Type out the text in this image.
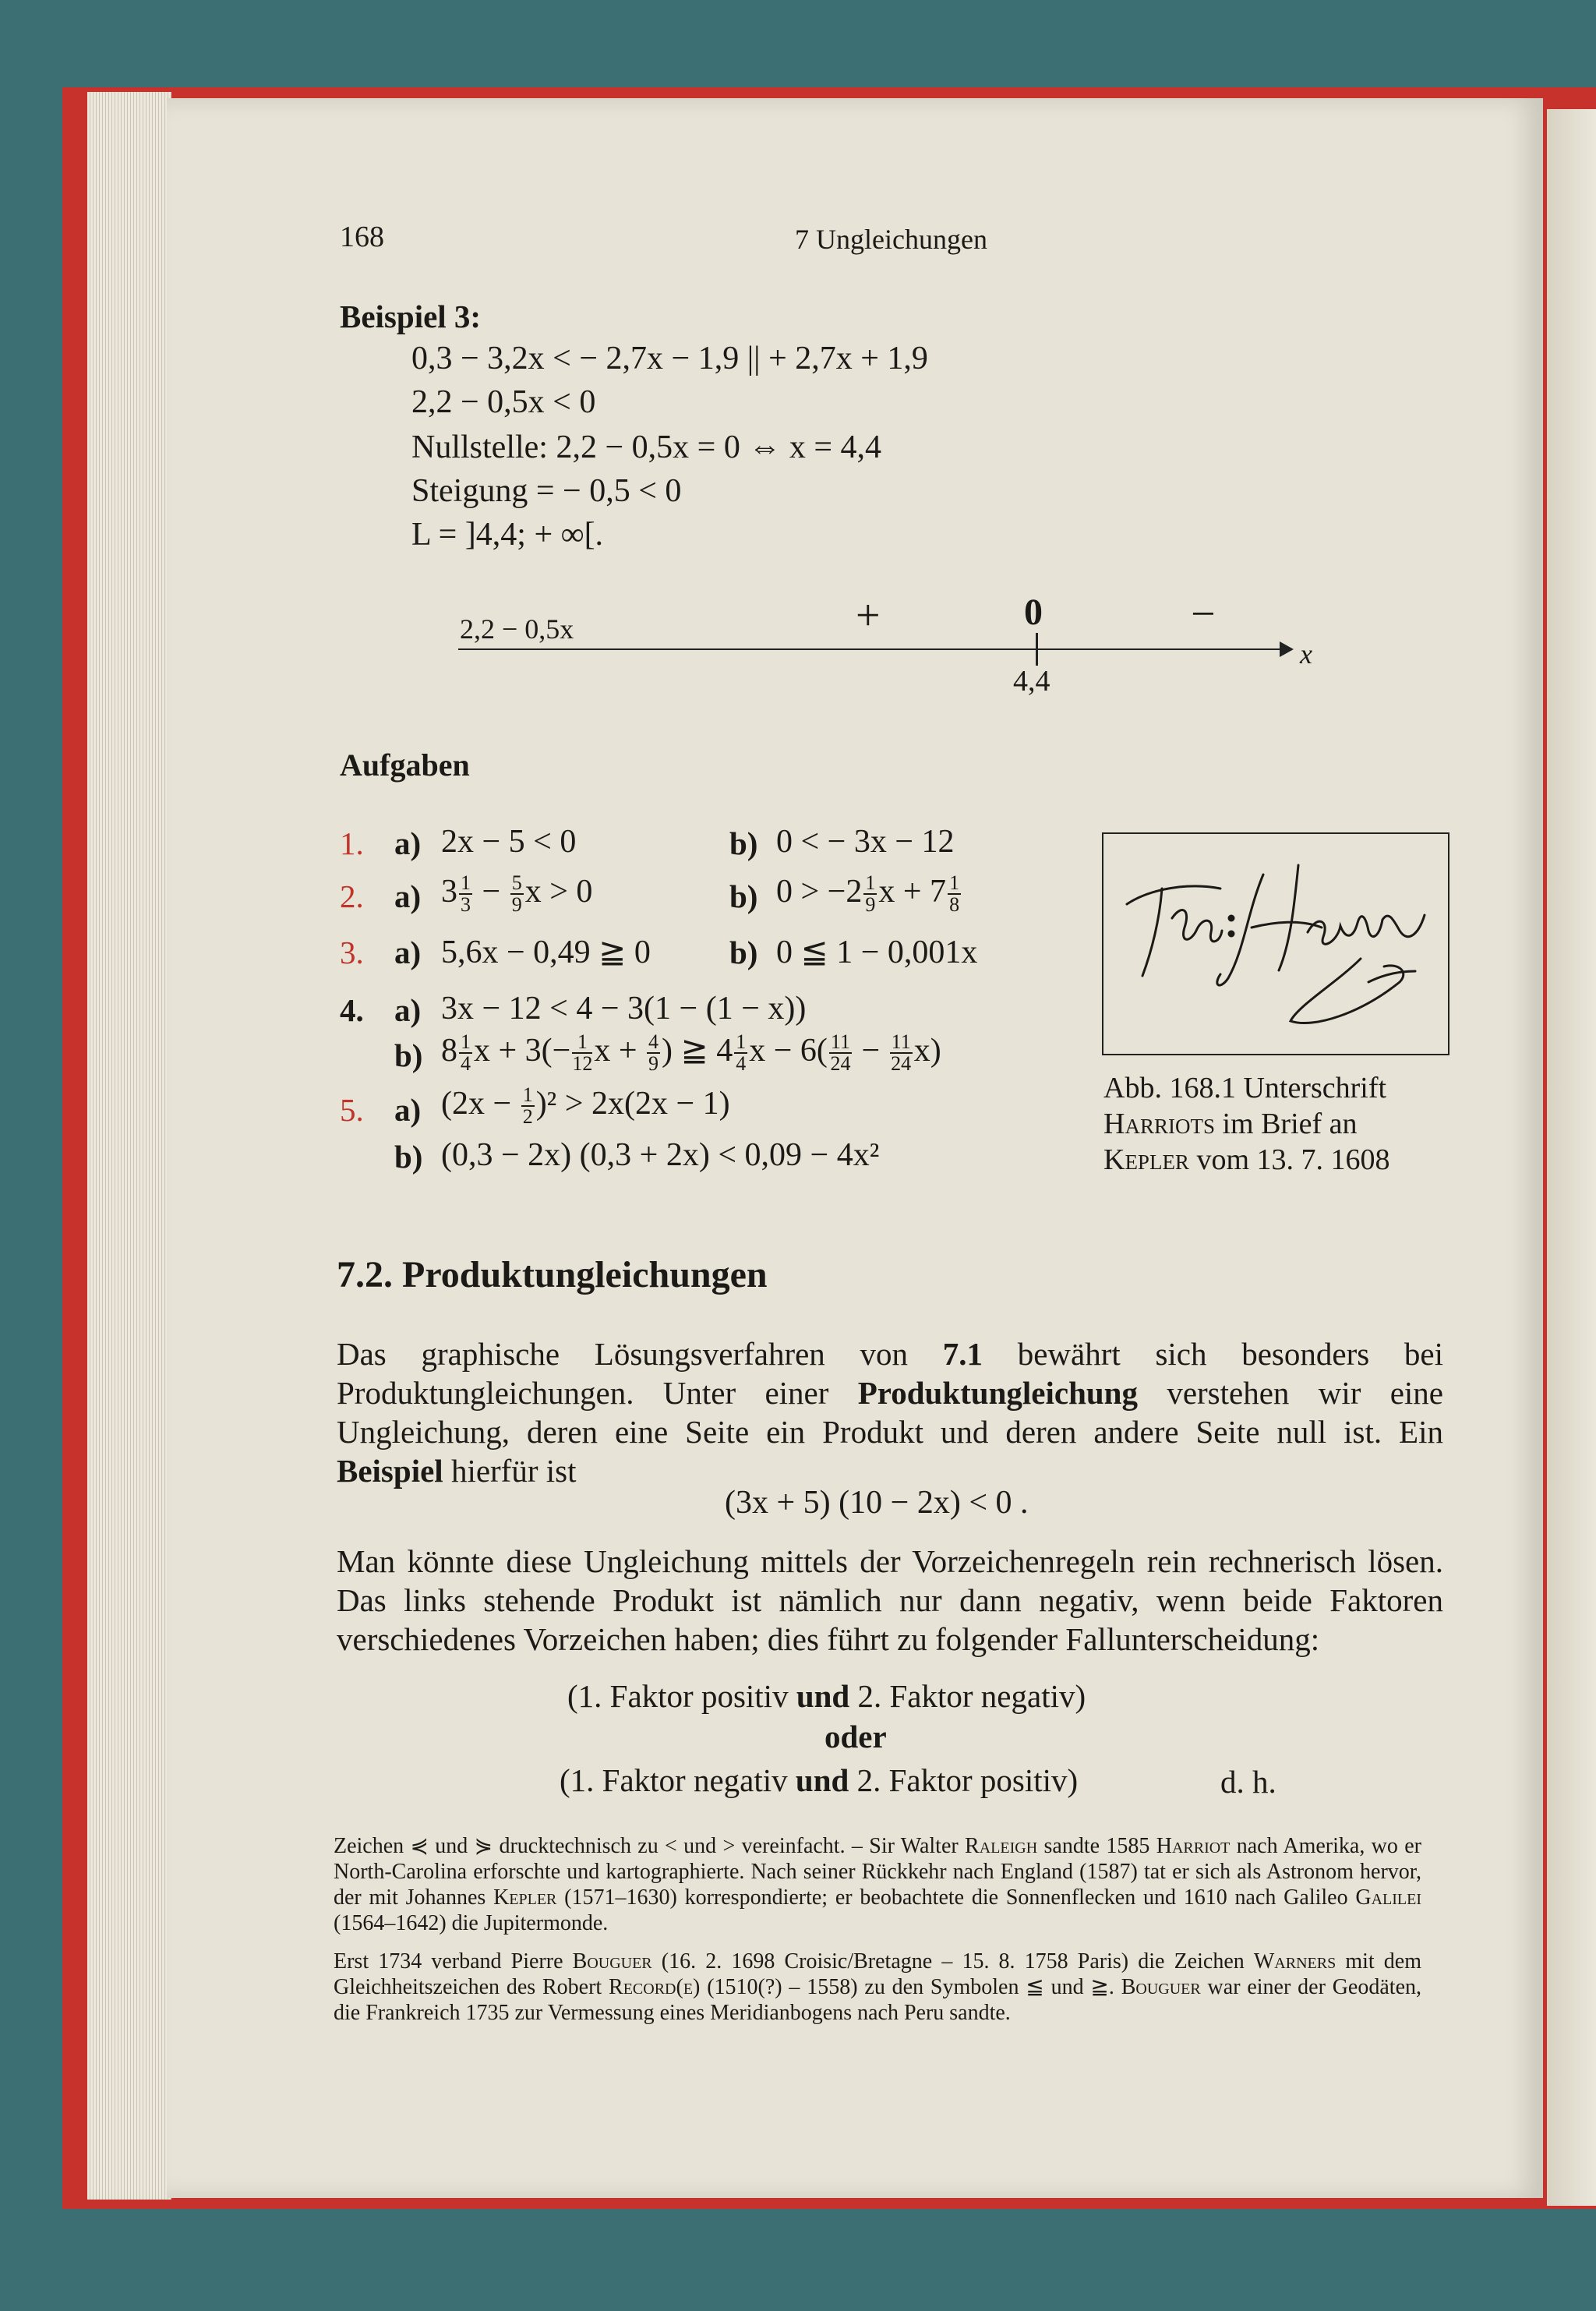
168	7 Ungleichungen
Beispiel 3:
0,3 − 3,2x < − 2,7x − 1,9 || + 2,7x + 1,9
2,2 − 0,5x < 0
Nullstelle: 2,2 − 0,5x = 0 ⇔ x = 4,4
Steigung = − 0,5 < 0
L = ]4,4; + ∞[.
2,2 − 0,5x	+	0	−
x
4,4
Aufgaben
1. a) 2x − 5 < 0	b) 0 < − 3x − 12
2. a) $3 \frac{1}{3} - \frac{5}{9}$ x > 0	b) $0 > -2 \frac{1}{9}$ $x + 7 \frac{1}{8}$
3. a) 5,6x − 0,49 ≧ 0 b) 0 ≦ 1 − 0,001x
4. a) 3x − 12 < 4 − 3(1 − (1 − x))
b) $8 \frac{1}{4}$ $x + 3(- \frac{1}{12}$ $x + \frac{4}{9}$ ) ≧ $4 \frac{1}{4}$ $x - 6( \frac{11}{24} - \frac{11}{24} x)$
5. a) $(2x - \frac{1}{2} )^2 > 2x(2x - 1)$
b) (0,3 − 2x) (0,3 + 2x) < 0,09 − 4x²
Abb. 168.1 Unterschrift
Harriots im Brief an
Kepler vom 13. 7. 1608
7.2. Produktungleichungen

Das graphische Lösungsverfahren von 7.1 bewährt sich besonders bei Produktungleichungen. Unter einer Produktungleichung verstehen wir eine Ungleichung, deren eine Seite ein Produkt und deren andere Seite null ist. Ein Beispiel hierfür ist

(3x + 5) (10 − 2x) < 0 .

Man könnte diese Ungleichung mittels der Vorzeichenregeln rein rechnerisch lösen. Das links stehende Produkt ist nämlich nur dann negativ, wenn beide Faktoren verschiedenes Vorzeichen haben; dies führt zu folgender Fallunterscheidung:

(1. Faktor positiv und 2. Faktor negativ)
oder
(1. Faktor negativ und 2. Faktor positiv)	d. h.

Zeichen ⋞ und ⋟ drucktechnisch zu < und > vereinfacht. – Sir Walter Raleigh sandte 1585 Harriot nach Amerika, wo er North-Carolina erforschte und kartographierte. Nach seiner Rückkehr nach England (1587) tat er sich als Astronom hervor, der mit Johannes Kepler (1571–1630) korrespondierte; er beobachtete die Sonnenflecken und 1610 nach Galileo Galilei (1564–1642) die Jupitermonde.

Erst 1734 verband Pierre Bouguer (16. 2. 1698 Croisic/Bretagne – 15. 8. 1758 Paris) die Zeichen Warners mit dem Gleichheitszeichen des Robert Record(e) (1510(?) – 1558) zu den Symbolen ≦ und ≧. Bouguer war einer der Geodäten, die Frankreich 1735 zur Vermessung eines Meridianbogens nach Peru sandte.
